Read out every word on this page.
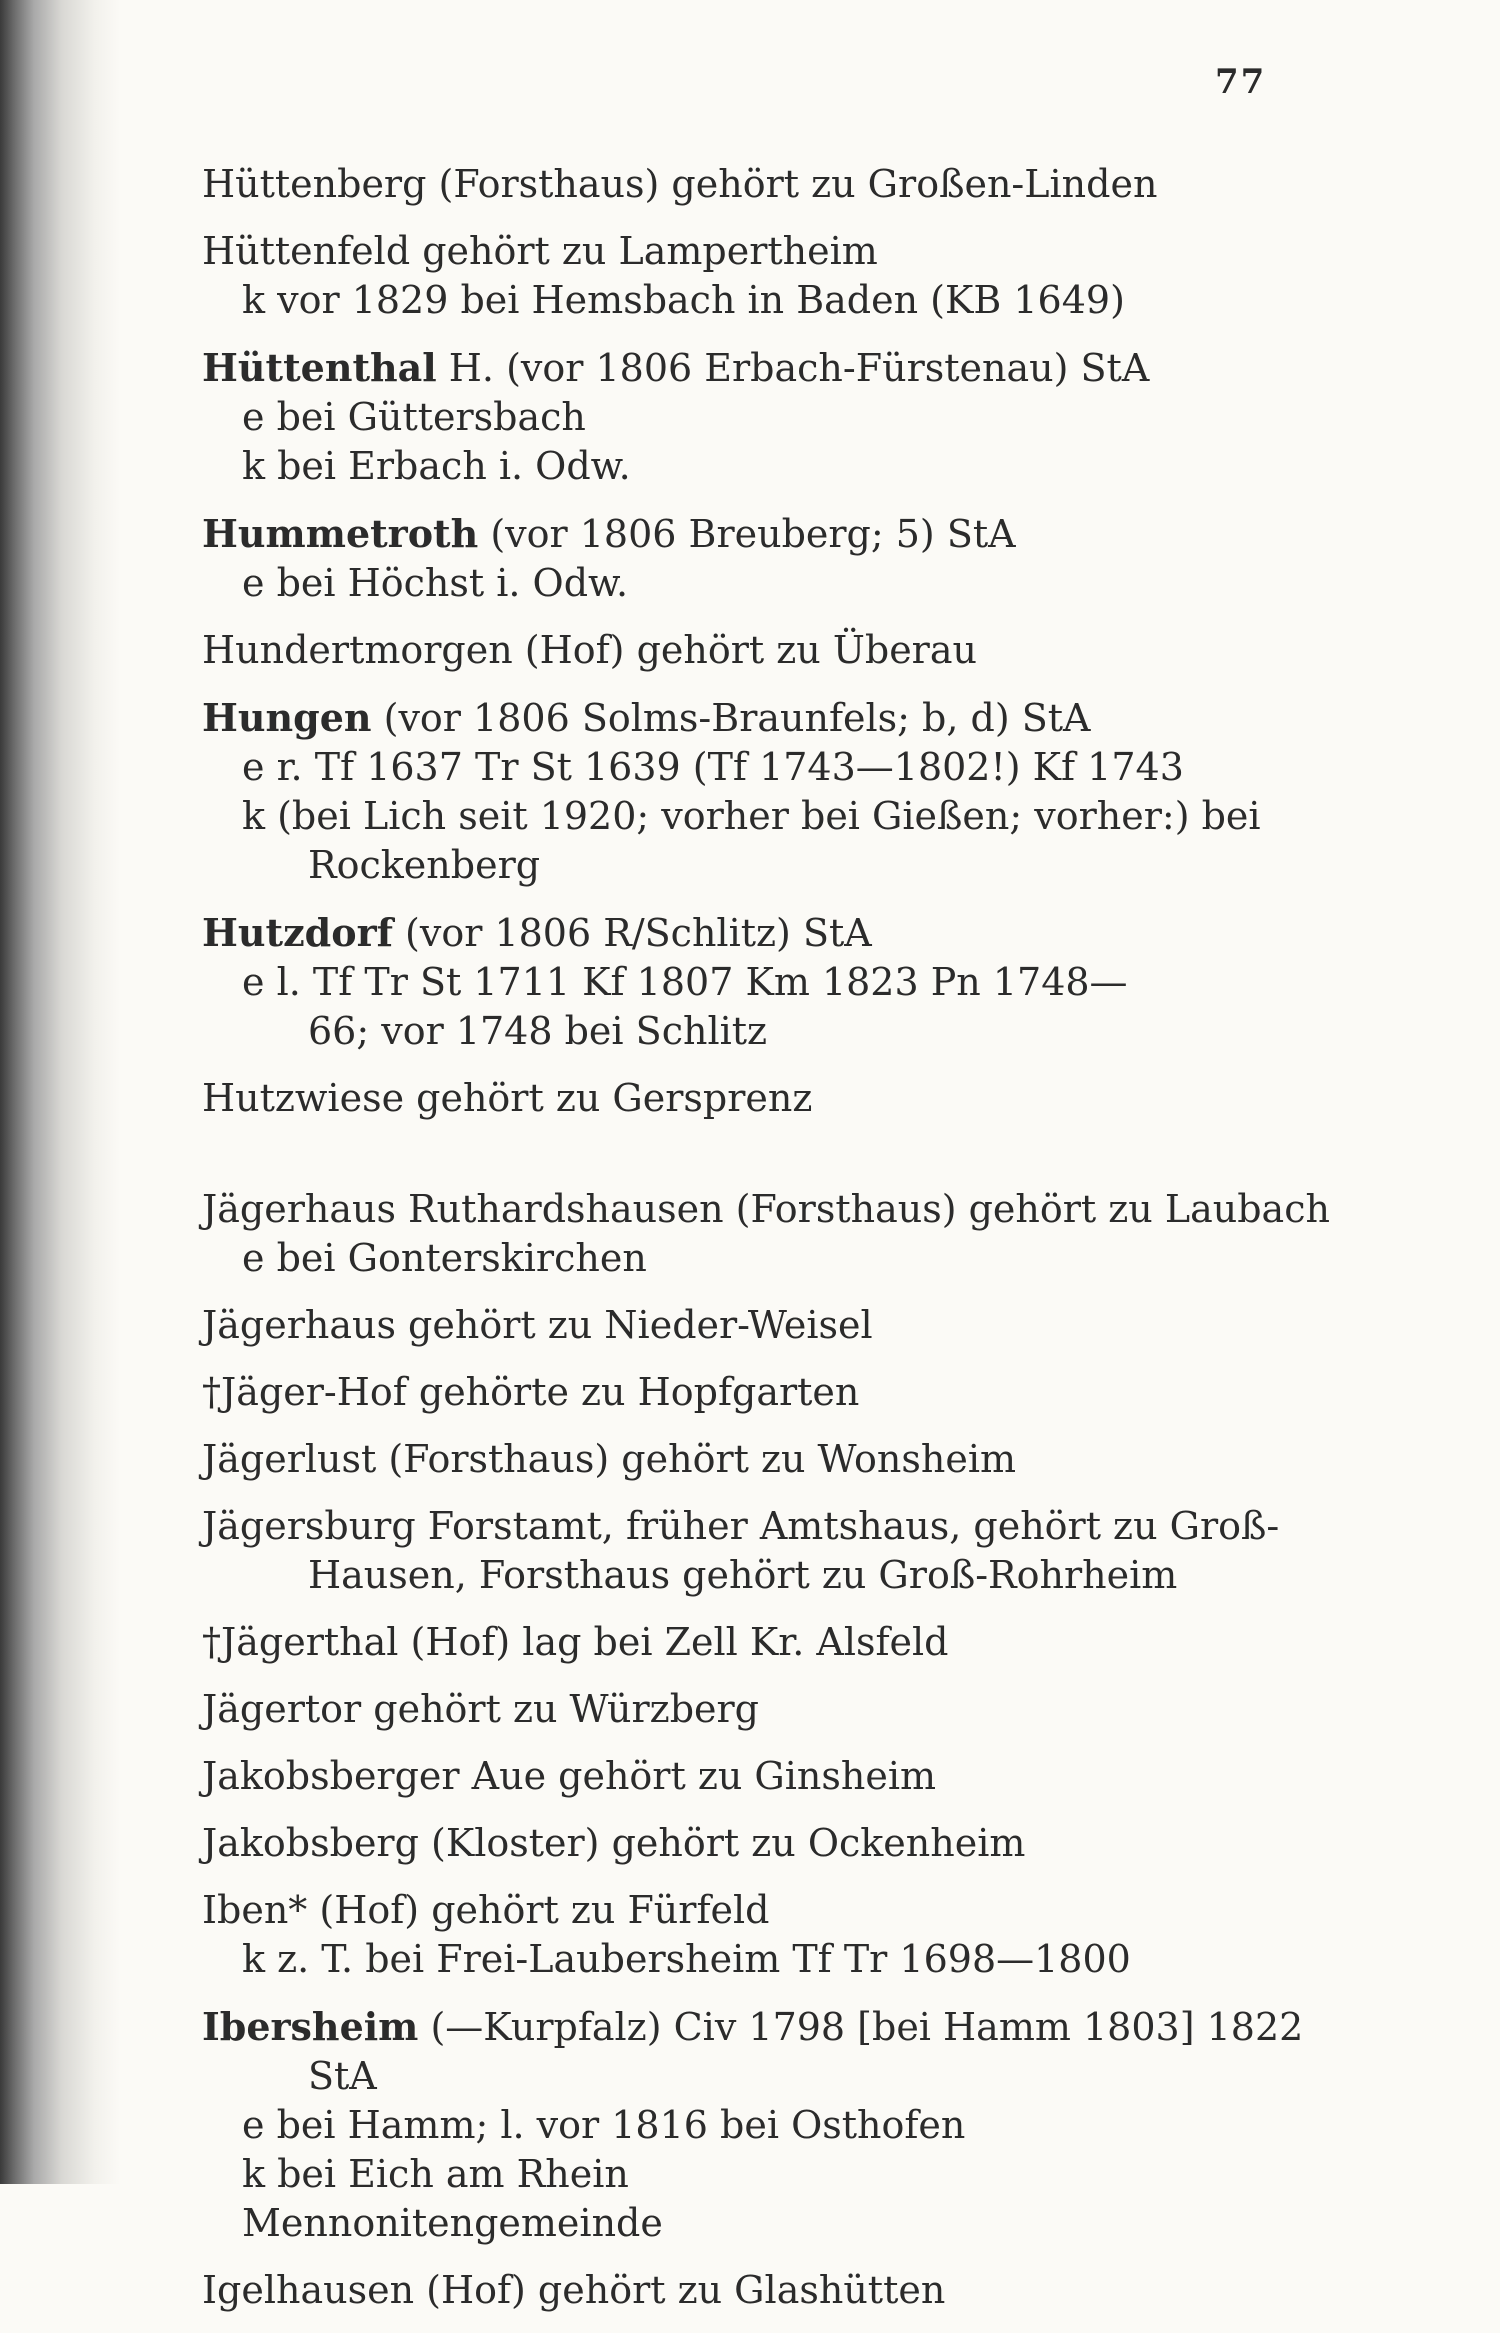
77
Hüttenberg (Forsthaus) gehört zu Großen-Linden
Hüttenfeld gehört zu Lampertheim
k vor 1829 bei Hemsbach in Baden (KB 1649)
Hüttenthal H. (vor 1806 Erbach-Fürstenau) StA
e bei Güttersbach
k bei Erbach i. Odw.
Hummetroth (vor 1806 Breuberg; 5) StA
e bei Höchst i. Odw.
Hundertmorgen (Hof) gehört zu Überau
Hungen (vor 1806 Solms-Braunfels; b, d) StA
e r. Tf 1637 Tr St 1639 (Tf 1743—1802!) Kf 1743
k (bei Lich seit 1920; vorher bei Gießen; vorher:) bei
Rockenberg
Hutzdorf (vor 1806 R/Schlitz) StA
e l. Tf Tr St 1711 Kf 1807 Km 1823 Pn 1748—
66; vor 1748 bei Schlitz
Hutzwiese gehört zu Gersprenz
Jägerhaus Ruthardshausen (Forsthaus) gehört zu Laubach
e bei Gonterskirchen
Jägerhaus gehört zu Nieder-Weisel
†Jäger-Hof gehörte zu Hopfgarten
Jägerlust (Forsthaus) gehört zu Wonsheim
Jägersburg Forstamt, früher Amtshaus, gehört zu Groß-
Hausen, Forsthaus gehört zu Groß-Rohrheim
†Jägerthal (Hof) lag bei Zell Kr. Alsfeld
Jägertor gehört zu Würzberg
Jakobsberger Aue gehört zu Ginsheim
Jakobsberg (Kloster) gehört zu Ockenheim
Iben* (Hof) gehört zu Fürfeld
k z. T. bei Frei-Laubersheim Tf Tr 1698—1800
Ibersheim (—Kurpfalz) Civ 1798 [bei Hamm 1803] 1822
StA
e bei Hamm; l. vor 1816 bei Osthofen
k bei Eich am Rhein
Mennonitengemeinde
Igelhausen (Hof) gehört zu Glashütten
